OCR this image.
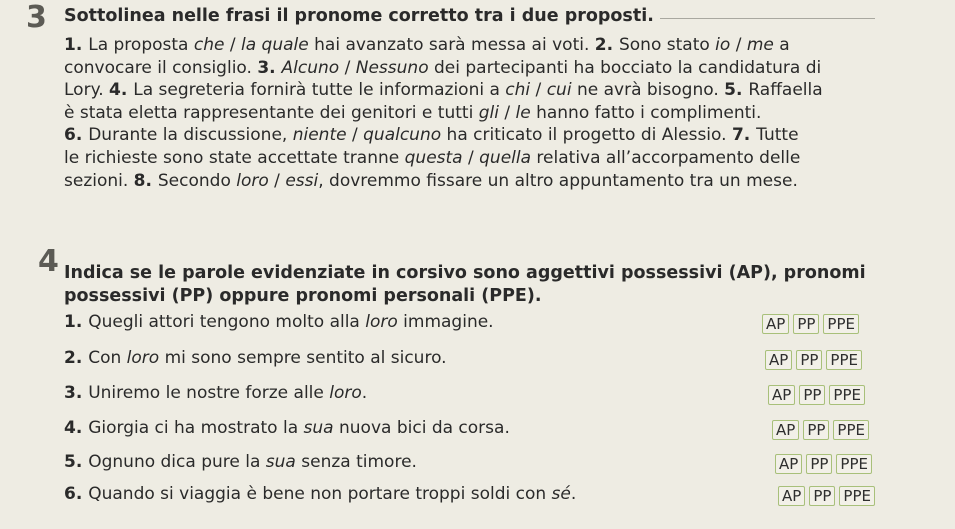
3 Sottolinea nelle frasi il pronome corretto tra i due proposti.
1. La proposta che / la quale hai avanzato sarà messa ai voti. 2. Sono stato io / me a
convocare il consiglio. 3. Alcuno / Nessuno dei partecipanti ha bocciato la candidatura di
Lory. 4. La segreteria fornirà tutte le informazioni a chi / cui ne avrà bisogno. 5. Raffaella
è stata eletta rappresentante dei genitori e tutti gli / le hanno fatto i complimenti.
6. Durante la discussione, niente / qualcuno ha criticato il progetto di Alessio. 7. Tutte
le richieste sono state accettate tranne questa / quella relativa all’accorpamento delle
sezioni. 8. Secondo loro / essi, dovremmo fissare un altro appuntamento tra un mese.
4 Indica se le parole evidenziate in corsivo sono aggettivi possessivi (AP), pronomi possessivi (PP) oppure pronomi personali (PPE).
1. Quegli attori tengono molto alla loro immagine.	AP PP PPE
2. Con loro mi sono sempre sentito al sicuro.	AP PP PPE
3. Uniremo le nostre forze alle loro.	AP PP PPE
4. Giorgia ci ha mostrato la sua nuova bici da corsa.	AP PP PPE
5. Ognuno dica pure la sua senza timore.	AP PP PPE
6. Quando si viaggia è bene non portare troppi soldi con sé.	AP PP PPE
